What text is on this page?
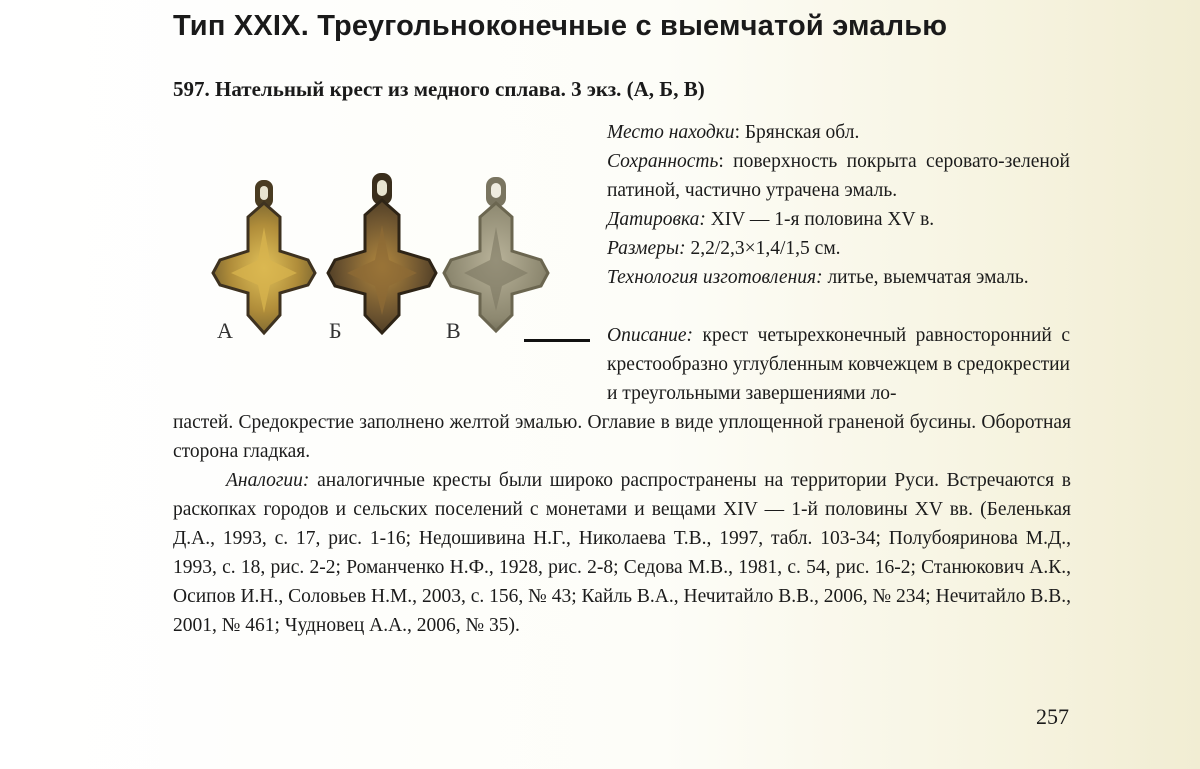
Тип XXIX. Треугольноконечные с выемчатой эмалью
597. Нательный крест из медного сплава. 3 экз. (А, Б, В)
А	Б	В

Место находки: Брянская обл.

Сохранность: поверхность покрыта серовато-зеленой патиной, частично утрачена эмаль.

Датировка: XIV — 1-я половина XV в.

Размеры: 2,2/2,3×1,4/1,5 см.

Технология изготовления: литье, выемчатая эмаль.

Описание: крест четырехконечный равносторонний с крестообразно углубленным ковчежцем в средокрестии и треугольными завершениями ло-

пастей. Средокрестие заполнено желтой эмалью. Оглавие в виде уплощенной граненой бусины. Оборотная сторона гладкая.

Аналогии: аналогичные кресты были широко распространены на территории Руси. Встречаются в раскопках городов и сельских поселений с монетами и вещами XIV — 1-й половины XV вв. (Беленькая Д.А., 1993, с. 17, рис. 1-16; Недошивина Н.Г., Николаева Т.В., 1997, табл. 103-34; Полубояринова М.Д., 1993, с. 18, рис. 2-2; Романченко Н.Ф., 1928, рис. 2-8; Седова М.В., 1981, с. 54, рис. 16-2; Станюкович А.К., Осипов И.Н., Соловьев Н.М., 2003, с. 156, № 43; Кайль В.А., Нечитайло В.В., 2006, № 234; Нечитайло В.В., 2001, № 461; Чудновец А.А., 2006, № 35).

257
